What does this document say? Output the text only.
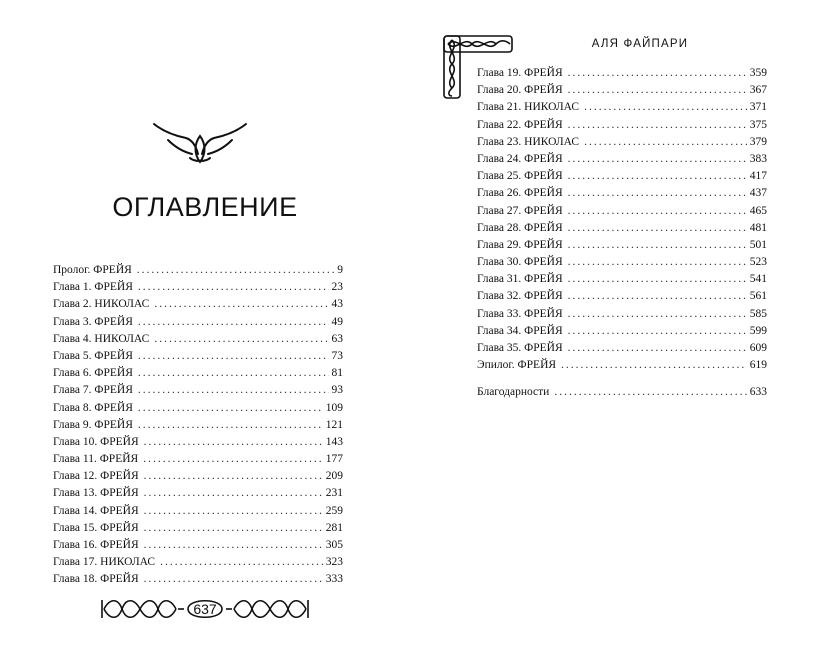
ОГЛАВЛЕНИЕ
Пролог. ФРЕЙЯ .....	9
Глава 1. ФРЕЙЯ .....	23
Глава 2. НИКОЛАС .....	43
Глава 3. ФРЕЙЯ .....	49
Глава 4. НИКОЛАС .....	63
Глава 5. ФРЕЙЯ .....	73
Глава 6. ФРЕЙЯ .....	81
Глава 7. ФРЕЙЯ .....	93
Глава 8. ФРЕЙЯ .....	109
Глава 9. ФРЕЙЯ .....	121
Глава 10. ФРЕЙЯ .....	143
Глава 11. ФРЕЙЯ .....	177
Глава 12. ФРЕЙЯ .....	209
Глава 13. ФРЕЙЯ .....	231
Глава 14. ФРЕЙЯ .....	259
Глава 15. ФРЕЙЯ .....	281
Глава 16. ФРЕЙЯ .....	305
Глава 17. НИКОЛАС .....	323
Глава 18. ФРЕЙЯ .....	333
637
АЛЯ ФАЙПАРИ
Глава 19. ФРЕЙЯ .....	359
Глава 20. ФРЕЙЯ .....	367
Глава 21. НИКОЛАС .....	371
Глава 22. ФРЕЙЯ .....	375
Глава 23. НИКОЛАС .....	379
Глава 24. ФРЕЙЯ .....	383
Глава 25. ФРЕЙЯ .....	417
Глава 26. ФРЕЙЯ .....	437
Глава 27. ФРЕЙЯ .....	465
Глава 28. ФРЕЙЯ .....	481
Глава 29. ФРЕЙЯ .....	501
Глава 30. ФРЕЙЯ .....	523
Глава 31. ФРЕЙЯ .....	541
Глава 32. ФРЕЙЯ .....	561
Глава 33. ФРЕЙЯ .....	585
Глава 34. ФРЕЙЯ .....	599
Глава 35. ФРЕЙЯ .....	609
Эпилог. ФРЕЙЯ .....	619
Благодарности .....	633
